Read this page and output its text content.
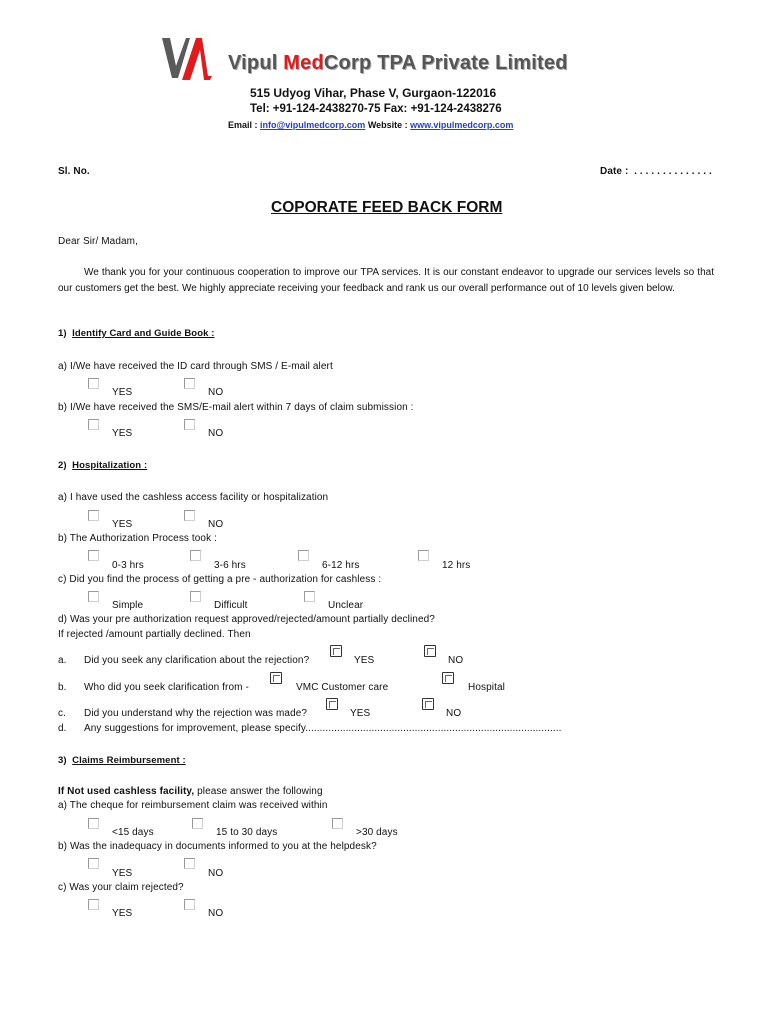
Vipul MedCorp TPA Private Limited
515 Udyog Vihar, Phase V, Gurgaon-122016
Tel: +91-124-2438270-75 Fax: +91-124-2438276
Email : info@vipulmedcorp.com Website : www.vipulmedcorp.com
Sl. No.	Date : . . . . . . . . . . . . . .
COPORATE FEED BACK FORM
Dear Sir/ Madam,
We thank you for your continuous cooperation to improve our TPA services. It is our constant endeavor to upgrade our services levels so that our customers get the best. We highly appreciate receiving your feedback and rank us our overall performance out of 10 levels given below.
1) Identify Card and Guide Book :
a) I/We have received the ID card through SMS / E-mail alert
YES	NO
b) I/We have received the SMS/E-mail alert within 7 days of claim submission :
YES	NO
2) Hospitalization :
a) I have used the cashless access facility or hospitalization
YES	NO
b) The Authorization Process took :
0-3 hrs	3-6 hrs	6-12 hrs	12 hrs
c) Did you find the process of getting a pre - authorization for cashless :
Simple	Difficult	Unclear
d) Was your pre authorization request approved/rejected/amount partially declined?
If rejected /amount partially declined. Then
a. Did you seek any clarification about the rejection?	YES	NO
b. Who did you seek clarification from -	VMC Customer care	Hospital
c. Did you understand why the rejection was made?	YES	NO
d. Any suggestions for improvement, please specify.........................................................................................
3) Claims Reimbursement :
If Not used cashless facility, please answer the following
a) The cheque for reimbursement claim was received within
<15 days	15 to 30 days	>30 days
b) Was the inadequacy in documents informed to you at the helpdesk?
YES	NO
c) Was your claim rejected?
YES	NO
